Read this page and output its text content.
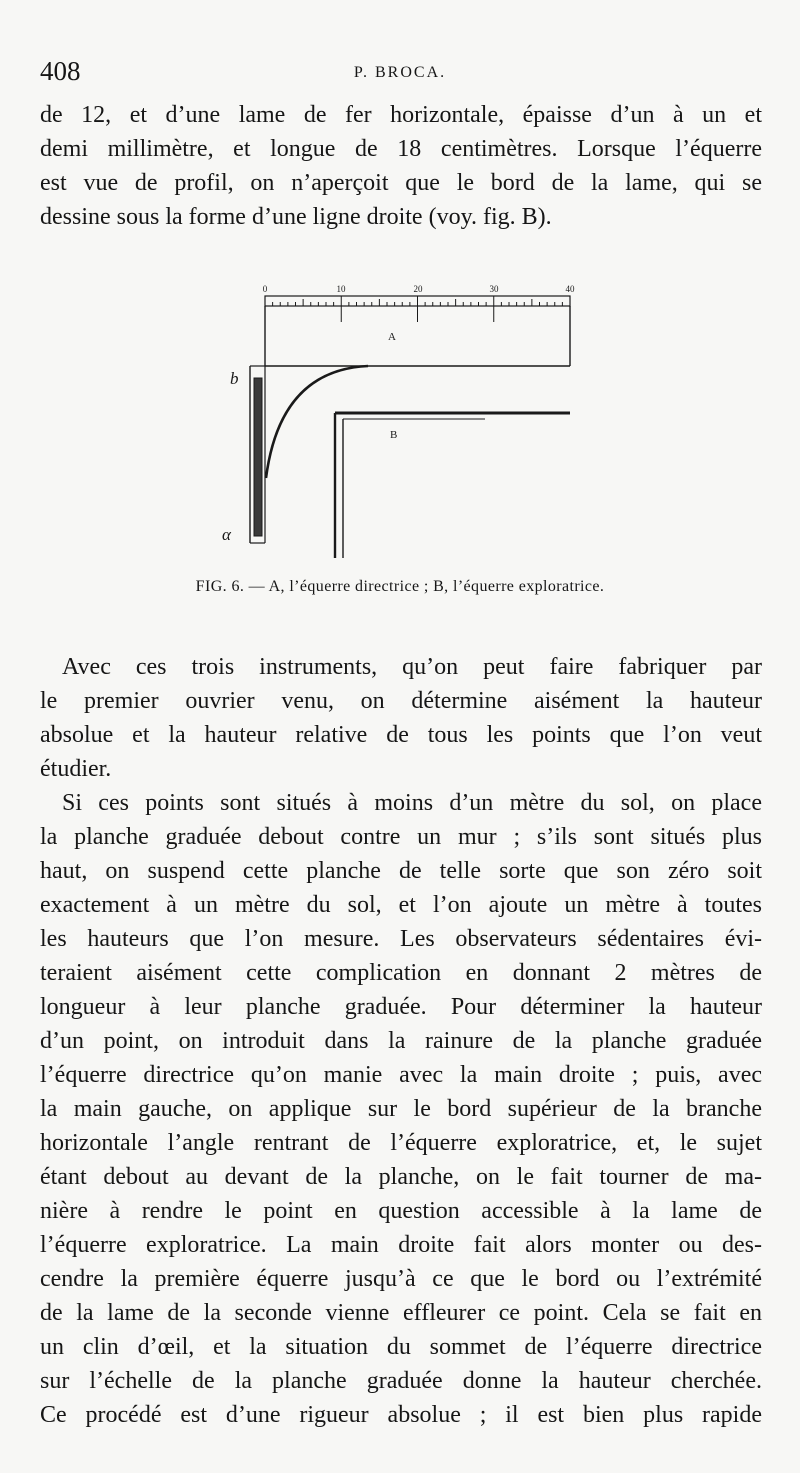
408	P. BROCA.

de 12, et d’une lame de fer horizontale, épaisse d’un à un et
demi millimètre, et longue de 18 centimètres. Lorsque l’équerre
est vue de profil, on n’aperçoit que le bord de la lame, qui se
dessine sous la forme d’une ligne droite (voy. fig. B).

0	10	20	30	40
A
B
b
α
FIG. 6. — A, l’équerre directrice ; B, l’équerre exploratrice.

Avec ces trois instruments, qu’on peut faire fabriquer par
le premier ouvrier venu, on détermine aisément la hauteur
absolue et la hauteur relative de tous les points que l’on veut
étudier.

Si ces points sont situés à moins d’un mètre du sol, on place
la planche graduée debout contre un mur ; s’ils sont situés plus
haut, on suspend cette planche de telle sorte que son zéro soit
exactement à un mètre du sol, et l’on ajoute un mètre à toutes
les hauteurs que l’on mesure. Les observateurs sédentaires évi-
teraient aisément cette complication en donnant 2 mètres de
longueur à leur planche graduée. Pour déterminer la hauteur
d’un point, on introduit dans la rainure de la planche graduée
l’équerre directrice qu’on manie avec la main droite ; puis, avec
la main gauche, on applique sur le bord supérieur de la branche
horizontale l’angle rentrant de l’équerre exploratrice, et, le sujet
étant debout au devant de la planche, on le fait tourner de ma-
nière à rendre le point en question accessible à la lame de
l’équerre exploratrice. La main droite fait alors monter ou des-
cendre la première équerre jusqu’à ce que le bord ou l’extrémité
de la lame de la seconde vienne effleurer ce point. Cela se fait en
un clin d’œil, et la situation du sommet de l’équerre directrice
sur l’échelle de la planche graduée donne la hauteur cherchée.
Ce procédé est d’une rigueur absolue ; il est bien plus rapide
